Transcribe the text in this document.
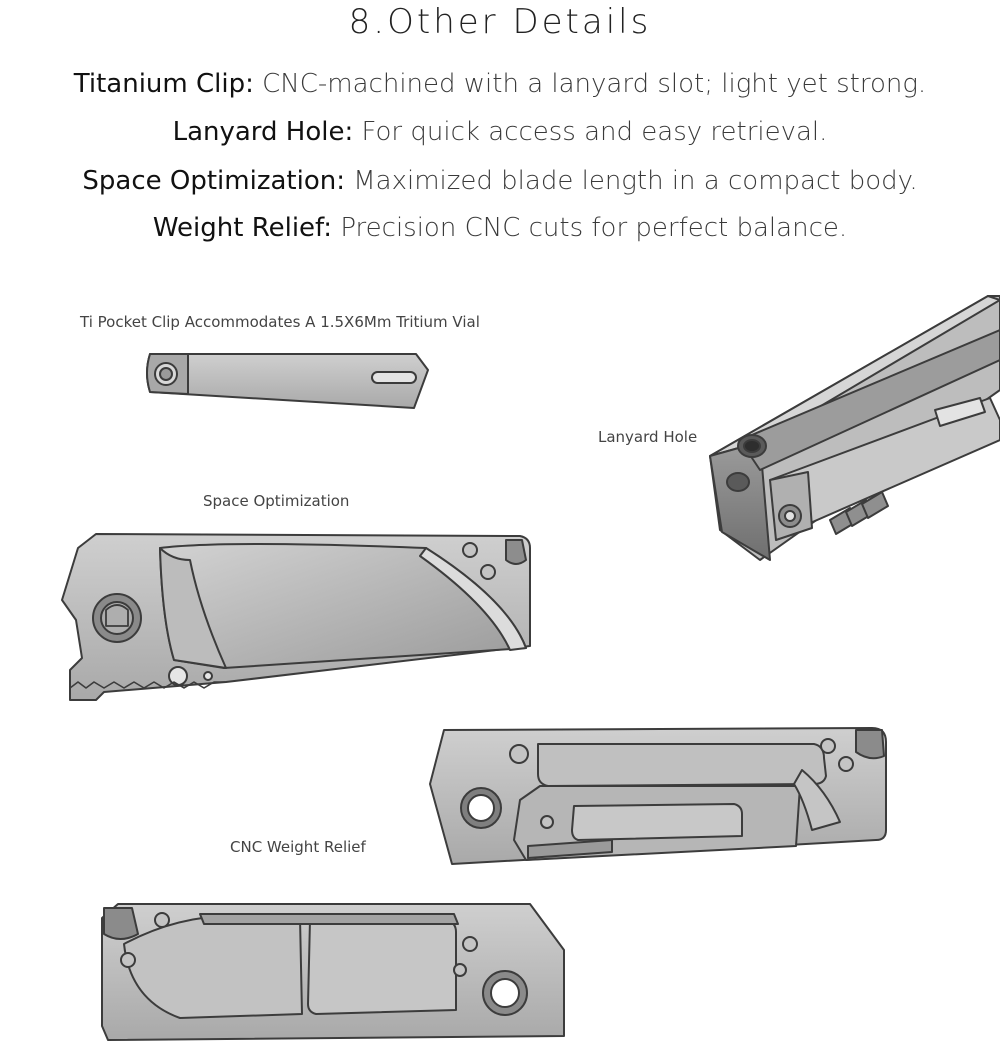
8.Other Details
Titanium Clip: CNC-machined with a lanyard slot; light yet strong.
Lanyard Hole: For quick access and easy retrieval.
Space Optimization: Maximized blade length in a compact body.
Weight Relief: Precision CNC cuts for perfect balance.
Ti Pocket Clip Accommodates A 1.5X6Mm Tritium Vial
Lanyard Hole
Space Optimization
CNC Weight Relief
